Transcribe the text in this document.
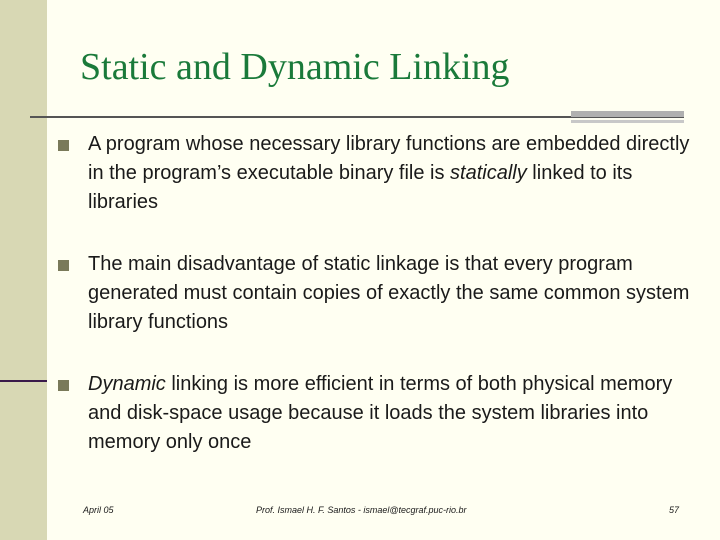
Static and Dynamic Linking
A program whose necessary library functions are embedded directly in the program’s executable binary file is statically linked to its libraries
The main disadvantage of static linkage is that every program generated must contain copies of exactly the same common system library functions
Dynamic linking is more efficient in terms of both physical memory and disk-space usage because it loads the system libraries into memory only once
April 05	Prof. Ismael H. F. Santos - ismael@tecgraf.puc-rio.br	57
